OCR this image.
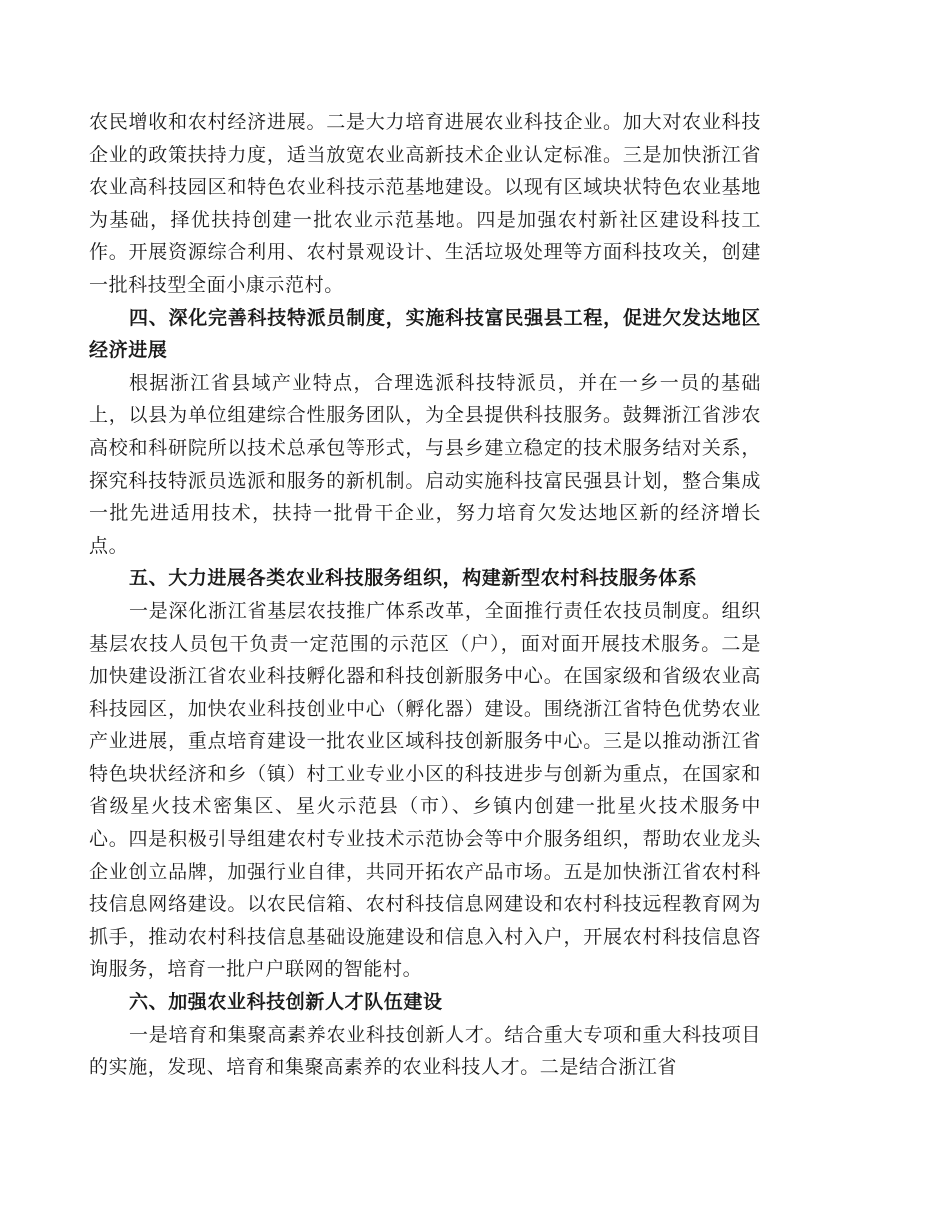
农民增收和农村经济进展。二是大力培育进展农业科技企业。加大对农业科技企业的政策扶持力度，适当放宽农业高新技术企业认定标准。三是加快浙江省农业高科技园区和特色农业科技示范基地建设。以现有区域块状特色农业基地为基础，择优扶持创建一批农业示范基地。四是加强农村新社区建设科技工作。开展资源综合利用、农村景观设计、生活垃圾处理等方面科技攻关，创建一批科技型全面小康示范村。

四、深化完善科技特派员制度，实施科技富民强县工程，促进欠发达地区经济进展

根据浙江省县域产业特点，合理选派科技特派员，并在一乡一员的基础上，以县为单位组建综合性服务团队，为全县提供科技服务。鼓舞浙江省涉农高校和科研院所以技术总承包等形式，与县乡建立稳定的技术服务结对关系，探究科技特派员选派和服务的新机制。启动实施科技富民强县计划，整合集成一批先进适用技术，扶持一批骨干企业，努力培育欠发达地区新的经济增长点。

五、大力进展各类农业科技服务组织，构建新型农村科技服务体系

一是深化浙江省基层农技推广体系改革，全面推行责任农技员制度。组织基层农技人员包干负责一定范围的示范区（户），面对面开展技术服务。二是加快建设浙江省农业科技孵化器和科技创新服务中心。在国家级和省级农业高科技园区，加快农业科技创业中心（孵化器）建设。围绕浙江省特色优势农业产业进展，重点培育建设一批农业区域科技创新服务中心。三是以推动浙江省特色块状经济和乡（镇）村工业专业小区的科技进步与创新为重点，在国家和省级星火技术密集区、星火示范县（市）、乡镇内创建一批星火技术服务中心。四是积极引导组建农村专业技术示范协会等中介服务组织，帮助农业龙头企业创立品牌，加强行业自律，共同开拓农产品市场。五是加快浙江省农村科技信息网络建设。以农民信箱、农村科技信息网建设和农村科技远程教育网为抓手，推动农村科技信息基础设施建设和信息入村入户，开展农村科技信息咨询服务，培育一批户户联网的智能村。

六、加强农业科技创新人才队伍建设

一是培育和集聚高素养农业科技创新人才。结合重大专项和重大科技项目的实施，发现、培育和集聚高素养的农业科技人才。二是结合浙江省
